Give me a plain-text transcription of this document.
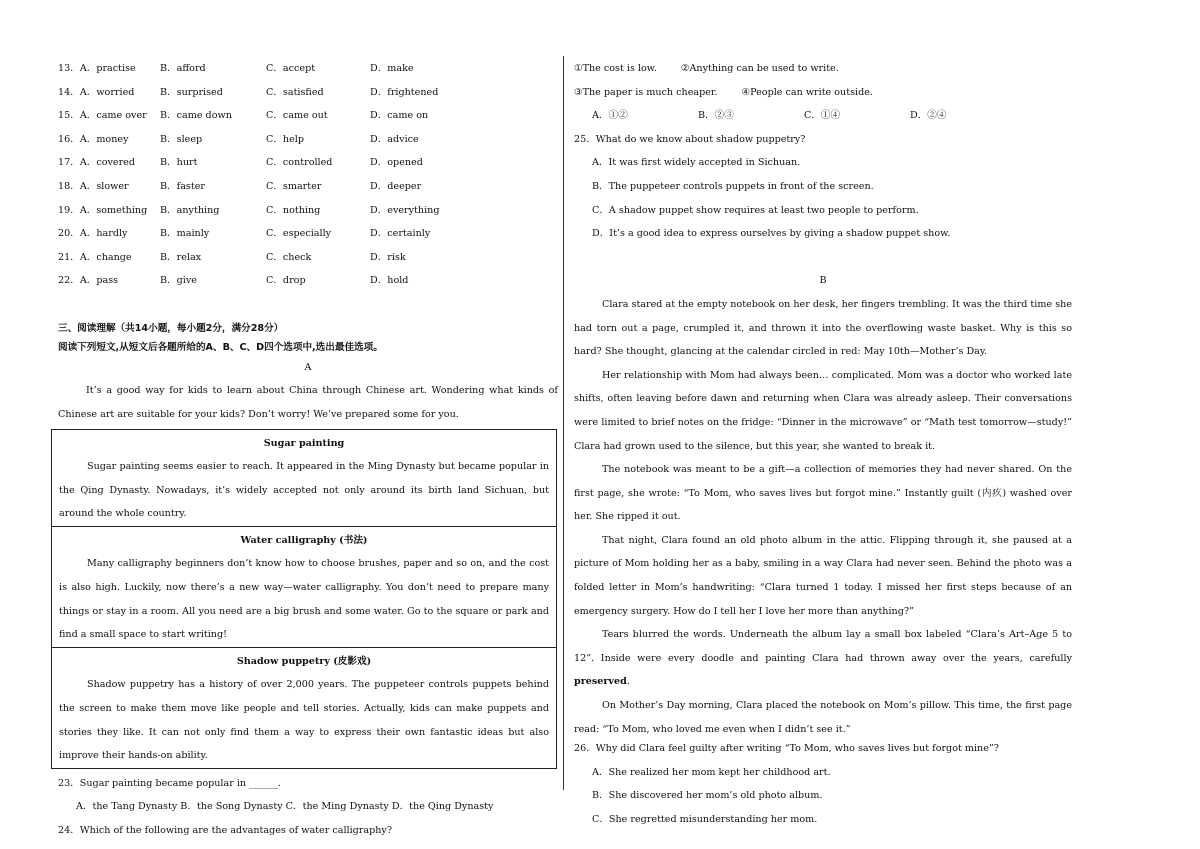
13．A．practise	B．afford	C．accept	D．make
14．A．worried	B．surprised	C．satisfied	D．frightened
15．A．came over	B．came down	C．came out	D．came on
16．A．money	B．sleep	C．help	D．advice
17．A．covered	B．hurt	C．controlled	D．opened
18．A．slower	B．faster	C．smarter	D．deeper
19．A．something	B．anything	C．nothing	D．everything
20．A．hardly	B．mainly	C．especially	D．certainly
21．A．change	B．relax	C．check	D．risk
22．A．pass	B．give	C．drop	D．hold
三、阅读理解（共14小题，每小题2分，满分28分）
阅读下列短文,从短文后各题所给的A、B、C、D四个选项中,选出最佳选项。
A

It’s a good way for kids to learn about China through Chinese art. Wondering what kinds of Chinese art are suitable for your kids? Don’t worry! We’ve prepared some for you.

Sugar painting

Sugar painting seems easier to reach. It appeared in the Ming Dynasty but became popular in the Qing Dynasty. Nowadays, it’s widely accepted not only around its birth land Sichuan, but around the whole country.

Water calligraphy (书法)

Many calligraphy beginners don’t know how to choose brushes, paper and so on, and the cost is also high. Luckily, now there’s a new way—water calligraphy. You don’t need to prepare many things or stay in a room. All you need are a big brush and some water. Go to the square or park and find a small space to start writing!

Shadow puppetry (皮影戏)

Shadow puppetry has a history of over 2,000 years. The puppeteer controls puppets behind the screen to make them move like people and tell stories. Actually, kids can make puppets and stories they like. It can not only find them a way to express their own fantastic ideas but also improve their hands-on ability.

23．Sugar painting became popular in ______.
A．the Tang Dynasty B．the Song Dynasty C．the Ming Dynasty D．the Qing Dynasty
24．Which of the following are the advantages of water calligraphy?
①The cost is low.	②Anything can be used to write.
③The paper is much cheaper.	④People can write outside.
A．①②	B．②③	C．①④	D．②④
25．What do we know about shadow puppetry?
A．It was first widely accepted in Sichuan.
B．The puppeteer controls puppets in front of the screen.
C．A shadow puppet show requires at least two people to perform.
D．It’s a good idea to express ourselves by giving a shadow puppet show.
B

Clara stared at the empty notebook on her desk, her fingers trembling. It was the third time she had torn out a page, crumpled it, and thrown it into the overflowing waste basket. Why is this so hard? She thought, glancing at the calendar circled in red: May 10th—Mother’s Day.

Her relationship with Mom had always been… complicated. Mom was a doctor who worked late shifts, often leaving before dawn and returning when Clara was already asleep. Their conversations were limited to brief notes on the fridge: “Dinner in the microwave” or “Math test tomorrow—study!” Clara had grown used to the silence, but this year, she wanted to break it.

The notebook was meant to be a gift—a collection of memories they had never shared. On the first page, she wrote: “To Mom, who saves lives but forgot mine.” Instantly guilt (内疚) washed over her. She ripped it out.

That night, Clara found an old photo album in the attic. Flipping through it, she paused at a picture of Mom holding her as a baby, smiling in a way Clara had never seen. Behind the photo was a folded letter in Mom’s handwriting: “Clara turned 1 today. I missed her first steps because of an emergency surgery. How do I tell her I love her more than anything?”

Tears blurred the words. Underneath the album lay a small box labeled “Clara’s Art–Age 5 to 12”. Inside were every doodle and painting Clara had thrown away over the years, carefully preserved.

On Mother’s Day morning, Clara placed the notebook on Mom’s pillow. This time, the first page read: “To Mom, who loved me even when I didn’t see it.”

26．Why did Clara feel guilty after writing “To Mom, who saves lives but forgot mine”?
A．She realized her mom kept her childhood art.
B．She discovered her mom’s old photo album.
C．She regretted misunderstanding her mom.
